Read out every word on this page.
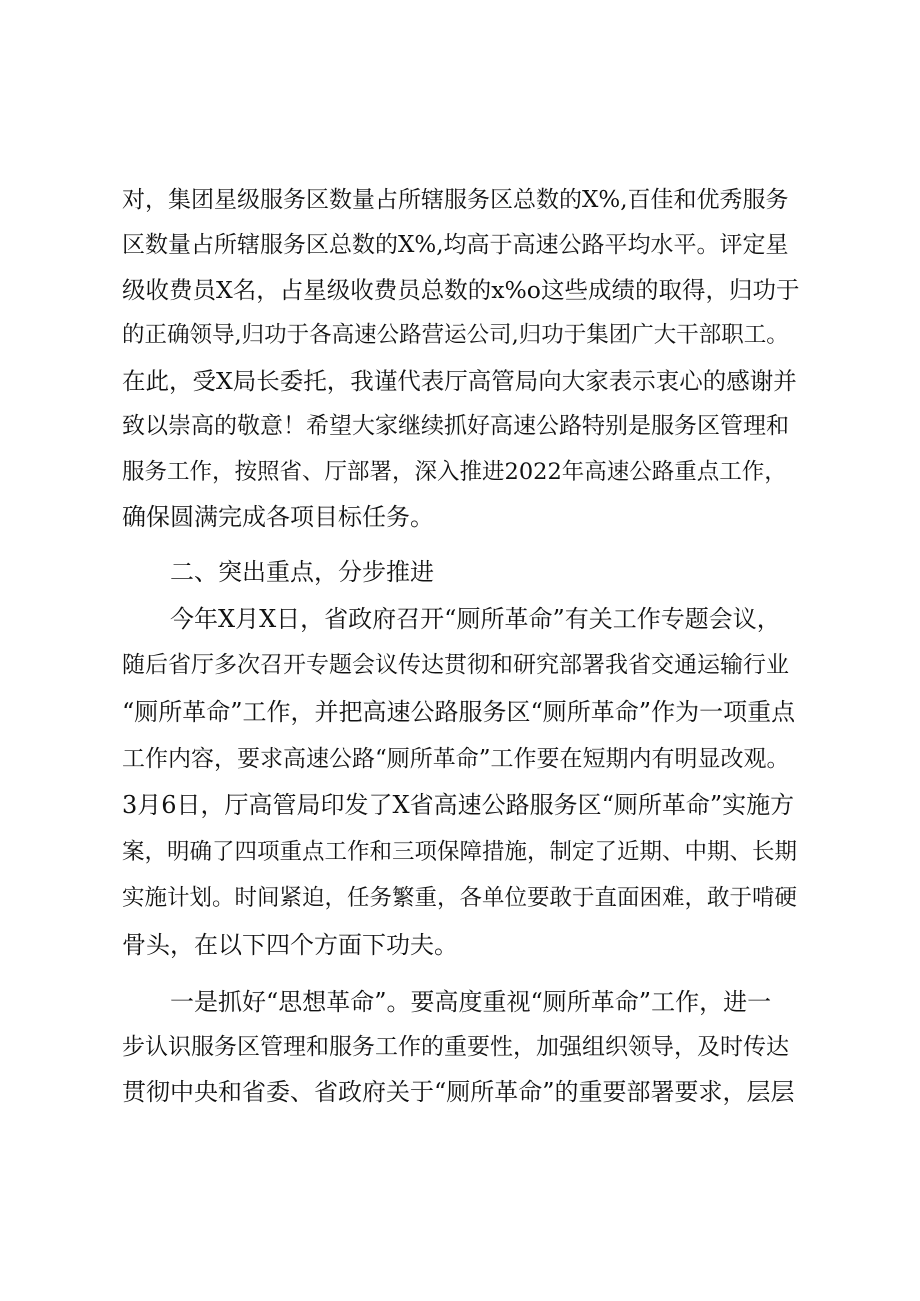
对，集团星级服务区数量占所辖服务区总数的X%,百佳和优秀服务
区数量占所辖服务区总数的X%,均高于高速公路平均水平。评定星
级收费员X名，占星级收费员总数的x%o这些成绩的取得，归功于
的正确领导,归功于各高速公路营运公司,归功于集团广大干部职工。
在此，受X局长委托，我谨代表厅高管局向大家表示衷心的感谢并
致以崇高的敬意！希望大家继续抓好高速公路特别是服务区管理和
服务工作，按照省、厅部署，深入推进2022年高速公路重点工作，
确保圆满完成各项目标任务。
二、突出重点，分步推进
今年X月X日，省政府召开“厕所革命”有关工作专题会议，
随后省厅多次召开专题会议传达贯彻和研究部署我省交通运输行业
“厕所革命”工作，并把高速公路服务区“厕所革命”作为一项重点
工作内容，要求高速公路“厕所革命”工作要在短期内有明显改观。
3月6日，厅高管局印发了X省高速公路服务区“厕所革命”实施方
案，明确了四项重点工作和三项保障措施，制定了近期、中期、长期
实施计划。时间紧迫，任务繁重，各单位要敢于直面困难，敢于啃硬
骨头，在以下四个方面下功夫。
一是抓好“思想革命”。要高度重视“厕所革命”工作，进一
步认识服务区管理和服务工作的重要性，加强组织领导，及时传达
贯彻中央和省委、省政府关于“厕所革命”的重要部署要求，层层
